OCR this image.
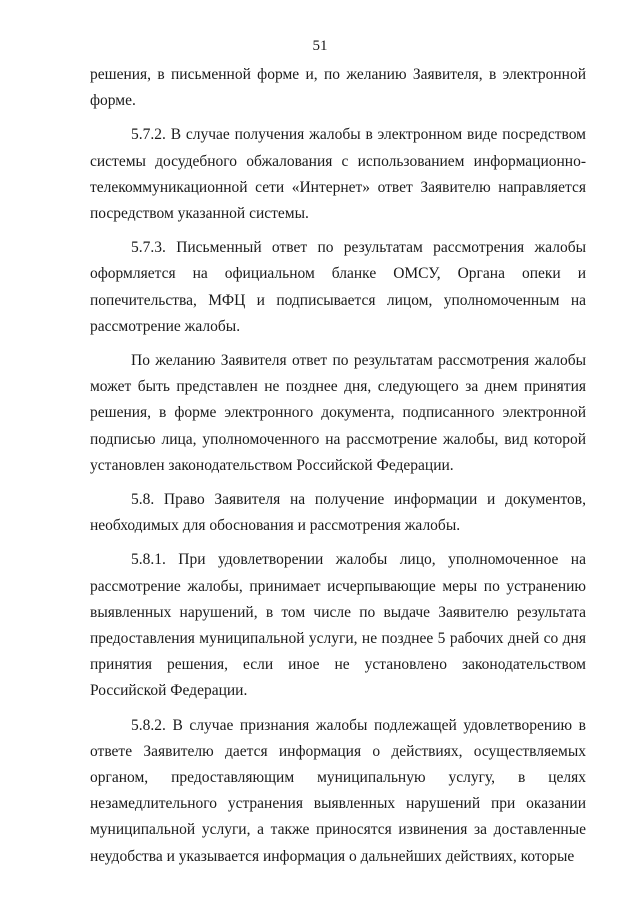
51

решения, в письменной форме и, по желанию Заявителя, в электронной форме.

5.7.2. В случае получения жалобы в электронном виде посредством системы досудебного обжалования с использованием информационно-телекоммуникационной сети «Интернет» ответ Заявителю направляется посредством указанной системы.

5.7.3. Письменный ответ по результатам рассмотрения жалобы оформляется на официальном бланке ОМСУ, Органа опеки и попечительства, МФЦ и подписывается лицом, уполномоченным на рассмотрение жалобы.

По желанию Заявителя ответ по результатам рассмотрения жалобы может быть представлен не позднее дня, следующего за днем принятия решения, в форме электронного документа, подписанного электронной подписью лица, уполномоченного на рассмотрение жалобы, вид которой установлен законодательством Российской Федерации.

5.8. Право Заявителя на получение информации и документов, необходимых для обоснования и рассмотрения жалобы.

5.8.1. При удовлетворении жалобы лицо, уполномоченное на рассмотрение жалобы, принимает исчерпывающие меры по устранению выявленных нарушений, в том числе по выдаче Заявителю результата предоставления муниципальной услуги, не позднее 5 рабочих дней со дня принятия решения, если иное не установлено законодательством Российской Федерации.

5.8.2. В случае признания жалобы подлежащей удовлетворению в ответе Заявителю дается информация о действиях, осуществляемых органом, предоставляющим муниципальную услугу, в целях незамедлительного устранения выявленных нарушений при оказании муниципальной услуги, а также приносятся извинения за доставленные неудобства и указывается информация о дальнейших действиях, которые
